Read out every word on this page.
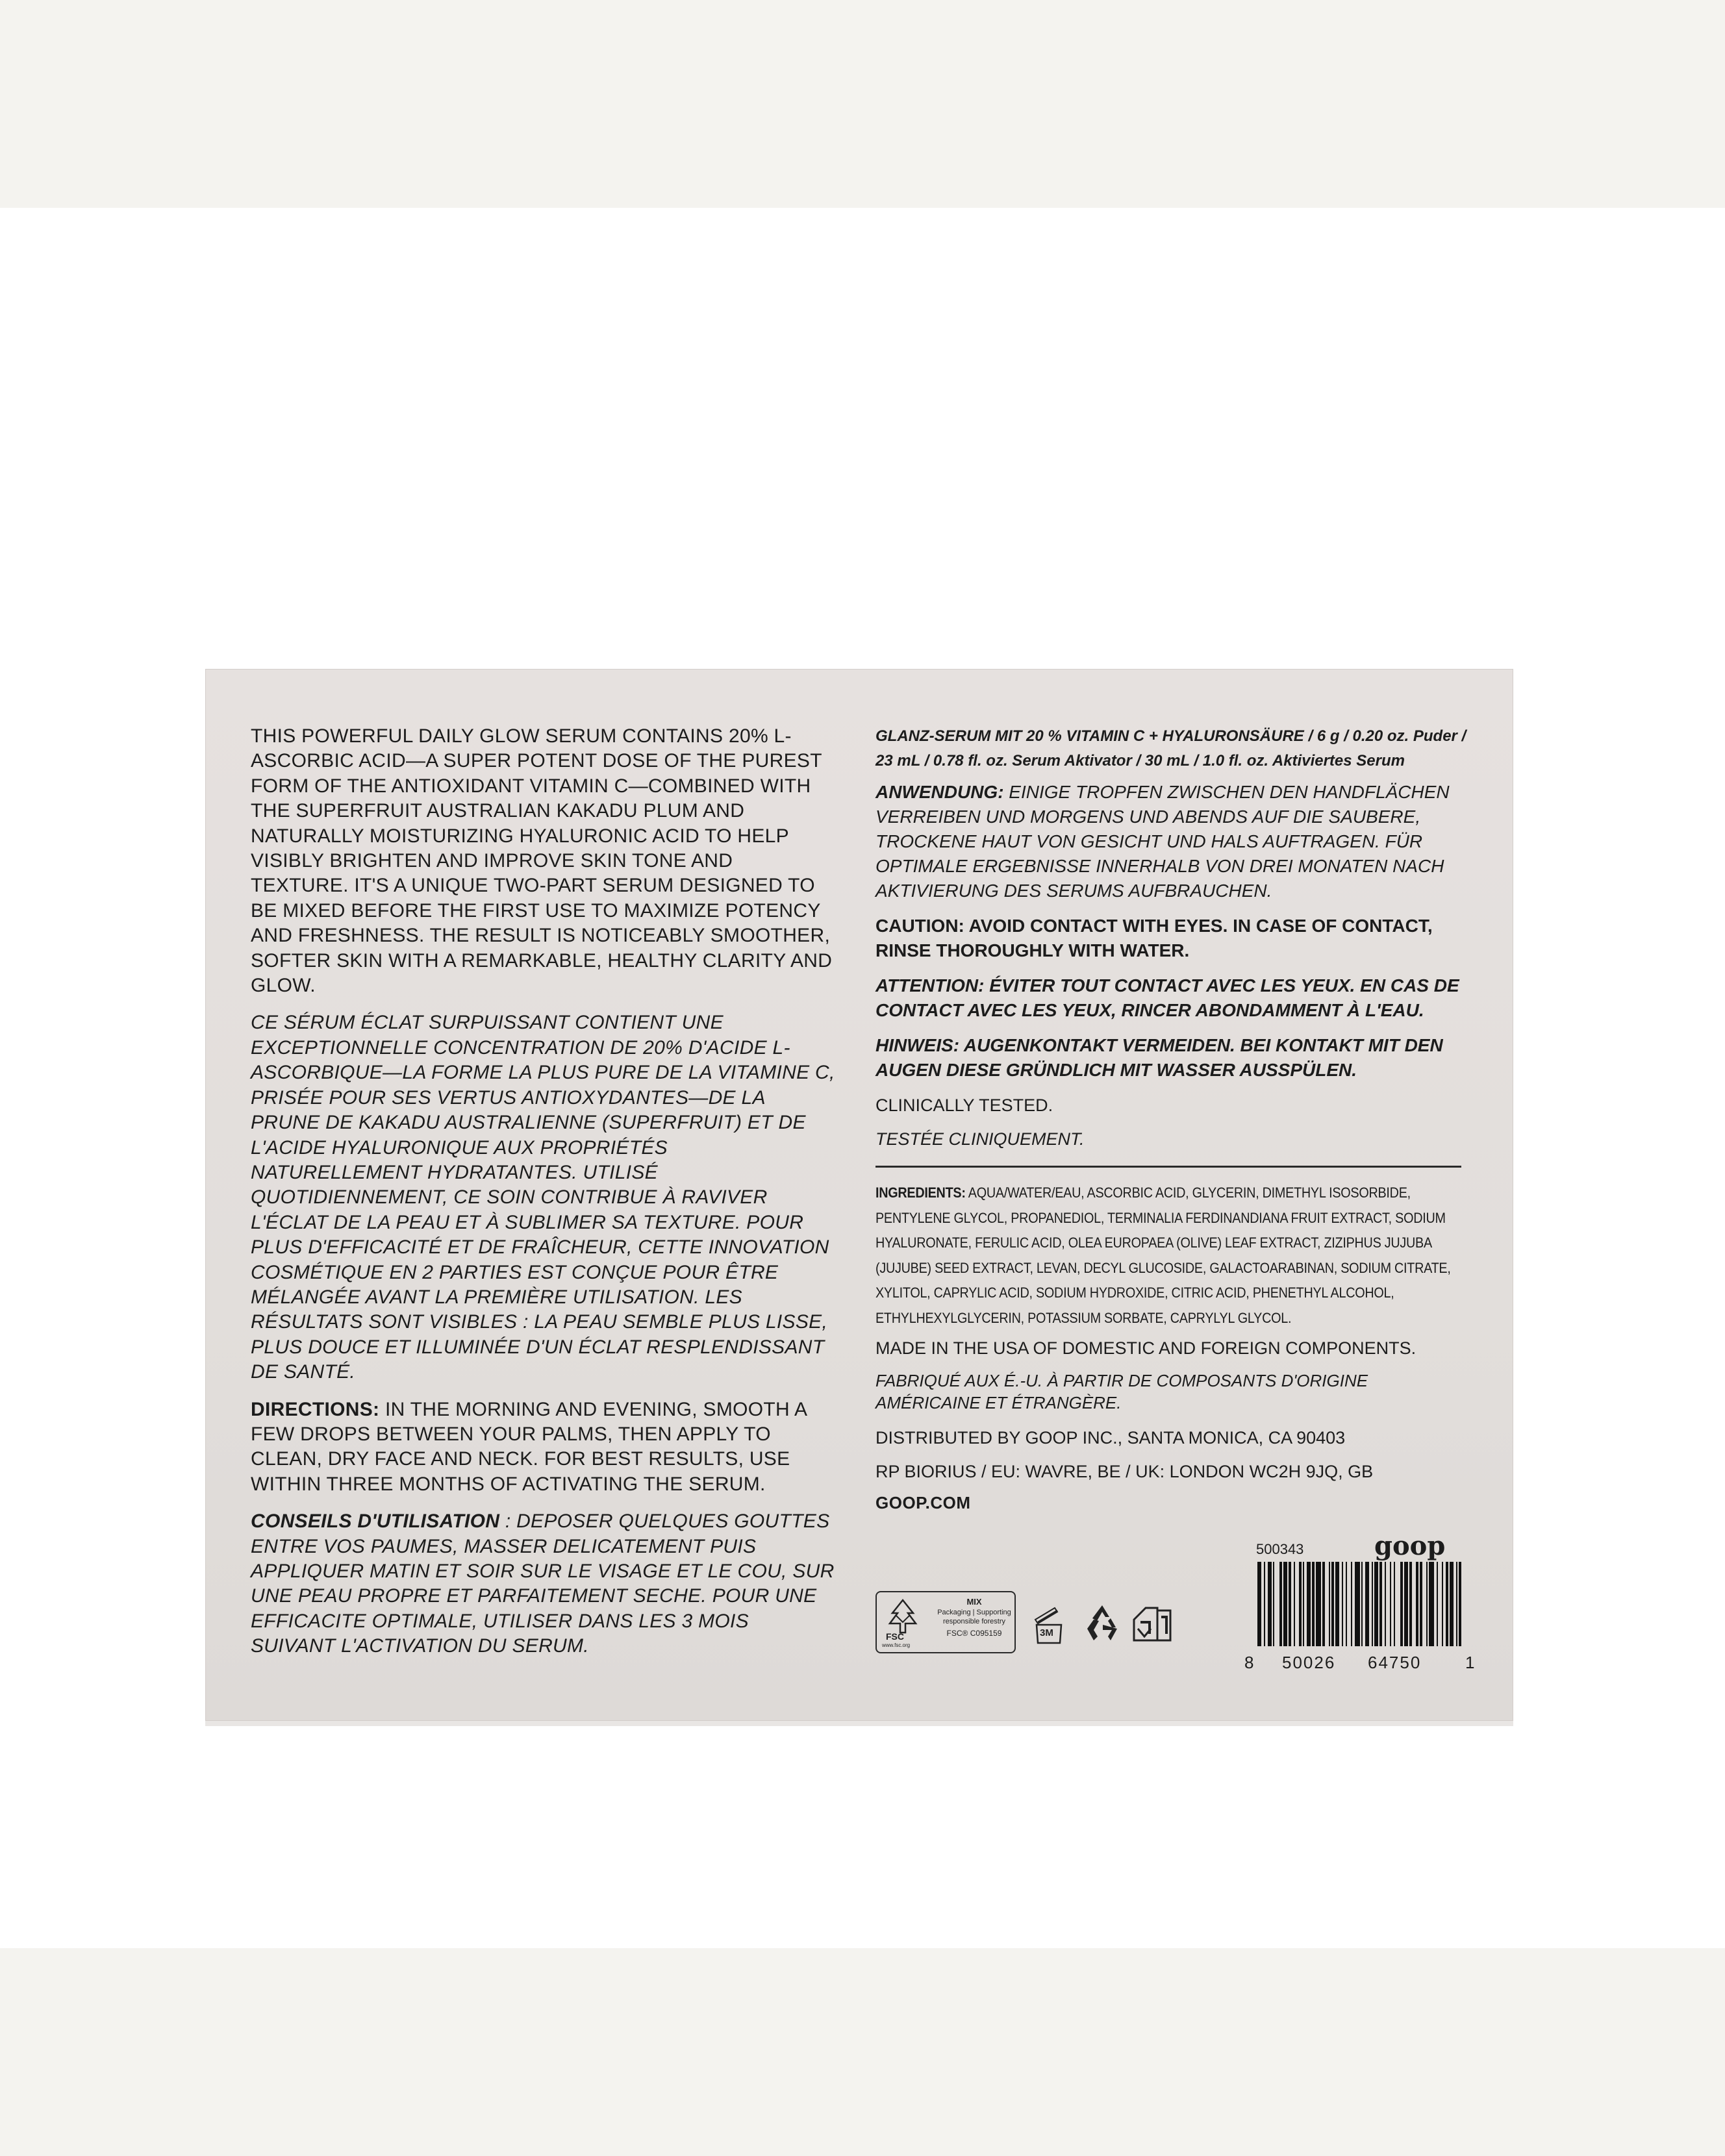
THIS POWERFUL DAILY GLOW SERUM CONTAINS 20% L-ASCORBIC ACID—A SUPER POTENT DOSE OF THE PUREST FORM OF THE ANTIOXIDANT VITAMIN C—COMBINED WITH THE SUPERFRUIT AUSTRALIAN KAKADU PLUM AND NATURALLY MOISTURIZING HYALURONIC ACID TO HELP VISIBLY BRIGHTEN AND IMPROVE SKIN TONE AND TEXTURE. IT'S A UNIQUE TWO-PART SERUM DESIGNED TO BE MIXED BEFORE THE FIRST USE TO MAXIMIZE POTENCY AND FRESHNESS. THE RESULT IS NOTICEABLY SMOOTHER, SOFTER SKIN WITH A REMARKABLE, HEALTHY CLARITY AND GLOW.

CE SÉRUM ÉCLAT SURPUISSANT CONTIENT UNE EXCEPTIONNELLE CONCENTRATION DE 20% D'ACIDE L-ASCORBIQUE—LA FORME LA PLUS PURE DE LA VITAMINE C, PRISÉE POUR SES VERTUS ANTIOXYDANTES—DE LA PRUNE DE KAKADU AUSTRALIENNE (SUPERFRUIT) ET DE L'ACIDE HYALURONIQUE AUX PROPRIÉTÉS NATURELLEMENT HYDRATANTES. UTILISÉ QUOTIDIENNEMENT, CE SOIN CONTRIBUE À RAVIVER L'ÉCLAT DE LA PEAU ET À SUBLIMER SA TEXTURE. POUR PLUS D'EFFICACITÉ ET DE FRAÎCHEUR, CETTE INNOVATION COSMÉTIQUE EN 2 PARTIES EST CONÇUE POUR ÊTRE MÉLANGÉE AVANT LA PREMIÈRE UTILISATION. LES RÉSULTATS SONT VISIBLES : LA PEAU SEMBLE PLUS LISSE, PLUS DOUCE ET ILLUMINÉE D'UN ÉCLAT RESPLENDISSANT DE SANTÉ.

DIRECTIONS: IN THE MORNING AND EVENING, SMOOTH A FEW DROPS BETWEEN YOUR PALMS, THEN APPLY TO CLEAN, DRY FACE AND NECK. FOR BEST RESULTS, USE WITHIN THREE MONTHS OF ACTIVATING THE SERUM.

CONSEILS D'UTILISATION : DEPOSER QUELQUES GOUTTES ENTRE VOS PAUMES, MASSER DELICATEMENT PUIS APPLIQUER MATIN ET SOIR SUR LE VISAGE ET LE COU, SUR UNE PEAU PROPRE ET PARFAITEMENT SECHE. POUR UNE EFFICACITE OPTIMALE, UTILISER DANS LES 3 MOIS SUIVANT L'ACTIVATION DU SERUM.

GLANZ-SERUM MIT 20 % VITAMIN C + HYALURONSÄURE / 6 g / 0.20 oz. Puder / 23 mL / 0.78 fl. oz. Serum Aktivator / 30 mL / 1.0 fl. oz. Aktiviertes Serum

ANWENDUNG: EINIGE TROPFEN ZWISCHEN DEN HANDFLÄCHEN VERREIBEN UND MORGENS UND ABENDS AUF DIE SAUBERE, TROCKENE HAUT VON GESICHT UND HALS AUFTRAGEN. FÜR OPTIMALE ERGEBNISSE INNERHALB VON DREI MONATEN NACH AKTIVIERUNG DES SERUMS AUFBRAUCHEN.

CAUTION: AVOID CONTACT WITH EYES. IN CASE OF CONTACT, RINSE THOROUGHLY WITH WATER.

ATTENTION: ÉVITER TOUT CONTACT AVEC LES YEUX. EN CAS DE CONTACT AVEC LES YEUX, RINCER ABONDAMMENT À L'EAU.

HINWEIS: AUGENKONTAKT VERMEIDEN. BEI KONTAKT MIT DEN AUGEN DIESE GRÜNDLICH MIT WASSER AUSSPÜLEN.

CLINICALLY TESTED.

TESTÉE CLINIQUEMENT.

INGREDIENTS: AQUA/WATER/EAU, ASCORBIC ACID, GLYCERIN, DIMETHYL ISOSORBIDE, PENTYLENE GLYCOL, PROPANEDIOL, TERMINALIA FERDINANDIANA FRUIT EXTRACT, SODIUM HYALURONATE, FERULIC ACID, OLEA EUROPAEA (OLIVE) LEAF EXTRACT, ZIZIPHUS JUJUBA (JUJUBE) SEED EXTRACT, LEVAN, DECYL GLUCOSIDE, GALACTOARABINAN, SODIUM CITRATE, XYLITOL, CAPRYLIC ACID, SODIUM HYDROXIDE, CITRIC ACID, PHENETHYL ALCOHOL, ETHYLHEXYLGLYCERIN, POTASSIUM SORBATE, CAPRYLYL GLYCOL.

MADE IN THE USA OF DOMESTIC AND FOREIGN COMPONENTS.

FABRIQUÉ AUX É.-U. À PARTIR DE COMPOSANTS D'ORIGINE AMÉRICAINE ET ÉTRANGÈRE.

DISTRIBUTED BY GOOP INC., SANTA MONICA, CA 90403

RP BIORIUS / EU: WAVRE, BE / UK: LONDON WC2H 9JQ, GB

GOOP.COM
500343	goop
FSC
www.fsc.org
MIX
Packaging | Supporting responsible forestry
FSC® C095159	3M
8 50026 64750	1
